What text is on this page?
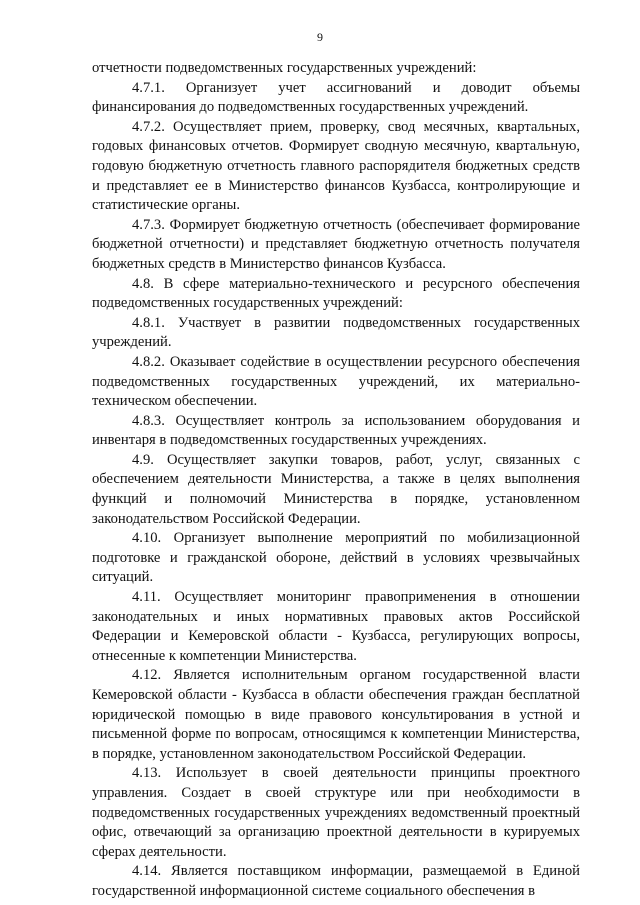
9

отчетности подведомственных государственных учреждений:

4.7.1. Организует учет ассигнований и доводит объемы финансирования до подведомственных государственных учреждений.

4.7.2. Осуществляет прием, проверку, свод месячных, квартальных, годовых финансовых отчетов. Формирует сводную месячную, квартальную, годовую бюджетную отчетность главного распорядителя бюджетных средств и представляет ее в Министерство финансов Кузбасса, контролирующие и статистические органы.

4.7.3. Формирует бюджетную отчетность (обеспечивает формирование бюджетной отчетности) и представляет бюджетную отчетность получателя бюджетных средств в Министерство финансов Кузбасса.

4.8. В сфере материально-технического и ресурсного обеспечения подведомственных государственных учреждений:

4.8.1. Участвует в развитии подведомственных государственных учреждений.

4.8.2. Оказывает содействие в осуществлении ресурсного обеспечения подведомственных государственных учреждений, их материально-техническом обеспечении.

4.8.3. Осуществляет контроль за использованием оборудования и инвентаря в подведомственных государственных учреждениях.

4.9. Осуществляет закупки товаров, работ, услуг, связанных с обеспечением деятельности Министерства, а также в целях выполнения функций и полномочий Министерства в порядке, установленном законодательством Российской Федерации.

4.10. Организует выполнение мероприятий по мобилизационной подготовке и гражданской обороне, действий в условиях чрезвычайных ситуаций.

4.11. Осуществляет мониторинг правоприменения в отношении законодательных и иных нормативных правовых актов Российской Федерации и Кемеровской области - Кузбасса, регулирующих вопросы, отнесенные к компетенции Министерства.

4.12. Является исполнительным органом государственной власти Кемеровской области - Кузбасса в области обеспечения граждан бесплатной юридической помощью в виде правового консультирования в устной и письменной форме по вопросам, относящимся к компетенции Министерства, в порядке, установленном законодательством Российской Федерации.

4.13. Использует в своей деятельности принципы проектного управления. Создает в своей структуре или при необходимости в подведомственных государственных учреждениях ведомственный проектный офис, отвечающий за организацию проектной деятельности в курируемых сферах деятельности.

4.14. Является поставщиком информации, размещаемой в Единой государственной информационной системе социального обеспечения в
